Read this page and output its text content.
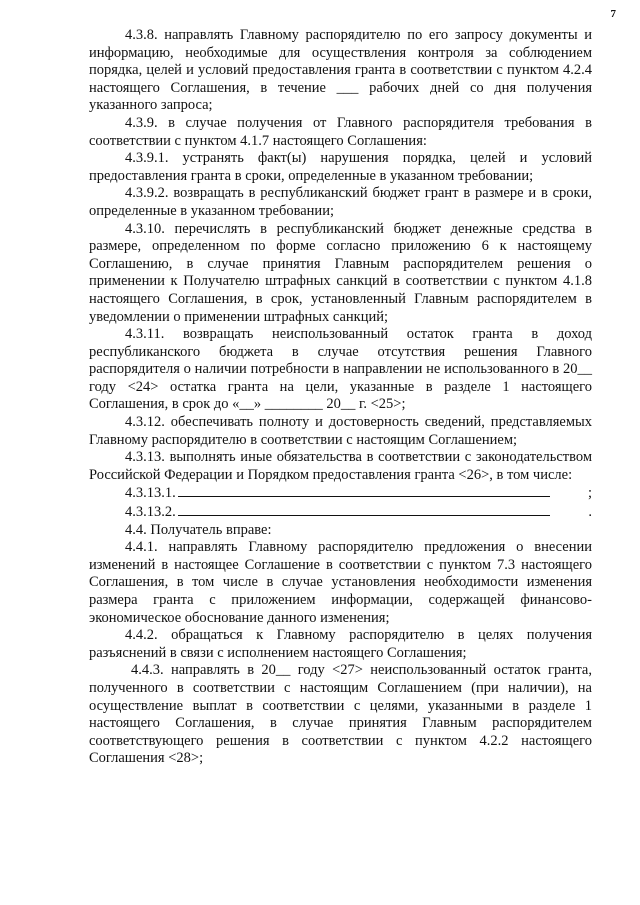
7

4.3.8. направлять Главному распорядителю по его запросу документы и информацию, необходимые для осуществления контроля за соблюдением порядка, целей и условий предоставления гранта в соответствии с пунктом 4.2.4 настоящего Соглашения, в течение ___ рабочих дней со дня получения указанного запроса;

4.3.9. в случае получения от Главного распорядителя требования в соответствии с пунктом 4.1.7 настоящего Соглашения:

4.3.9.1. устранять факт(ы) нарушения порядка, целей и условий предоставления гранта в сроки, определенные в указанном требовании;

4.3.9.2. возвращать в республиканский бюджет грант в размере и в сроки, определенные в указанном требовании;

4.3.10. перечислять в республиканский бюджет денежные средства в размере, определенном по форме согласно приложению 6 к настоящему Соглашению, в случае принятия Главным распорядителем решения о применении к Получателю штрафных санкций в соответствии с пунктом 4.1.8 настоящего Соглашения, в срок, установленный Главным распорядителем в уведомлении о применении штрафных санкций;

4.3.11. возвращать неиспользованный остаток гранта в доход республиканского бюджета в случае отсутствия решения Главного распорядителя о наличии потребности в направлении не использованного в 20__ году <24> остатка гранта на цели, указанные в разделе 1 настоящего Соглашения, в срок до «__» ________ 20__ г. <25>;

4.3.12. обеспечивать полноту и достоверность сведений, представляемых Главному распорядителю в соответствии с настоящим Соглашением;

4.3.13. выполнять иные обязательства в соответствии с законодательством Российской Федерации и Порядком предоставления гранта <26>, в том числе:

4.3.13.1.	;
4.3.13.2.	.

4.4. Получатель вправе:

4.4.1. направлять Главному распорядителю предложения о внесении изменений в настоящее Соглашение в соответствии с пунктом 7.3 настоящего Соглашения, в том числе в случае установления необходимости изменения размера гранта с приложением информации, содержащей финансово-экономическое обоснование данного изменения;

4.4.2. обращаться к Главному распорядителю в целях получения разъяснений в связи с исполнением настоящего Соглашения;

4.4.3. направлять в 20__ году <27> неиспользованный остаток гранта, полученного в соответствии с настоящим Соглашением (при наличии), на осуществление выплат в соответствии с целями, указанными в разделе 1 настоящего Соглашения, в случае принятия Главным распорядителем соответствующего решения в соответствии с пунктом 4.2.2 настоящего Соглашения <28>;
